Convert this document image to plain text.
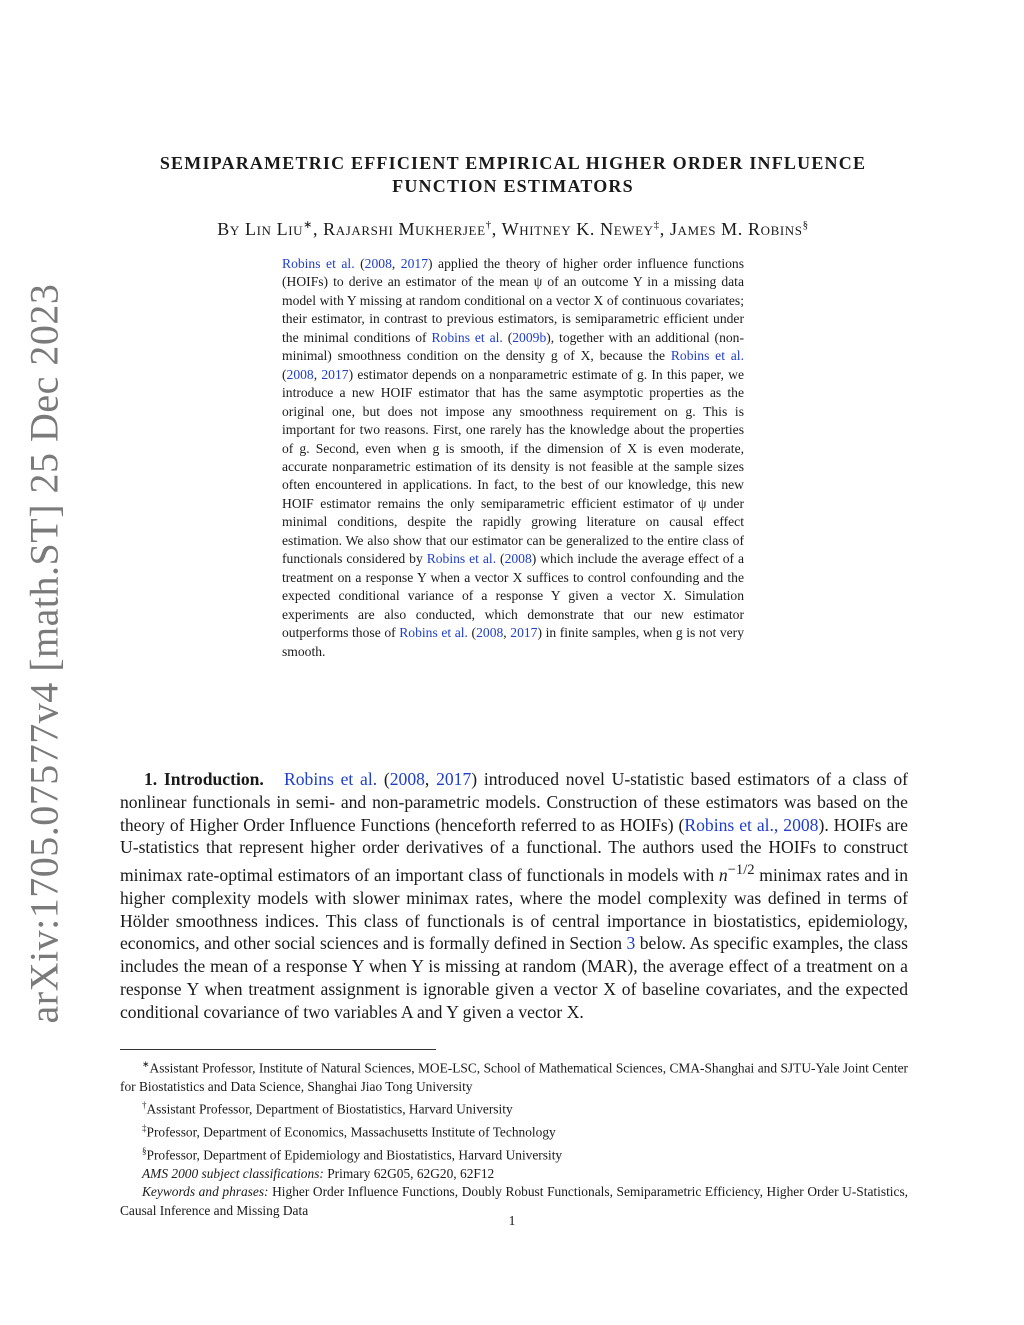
arXiv:1705.07577v4 [math.ST] 25 Dec 2023
SEMIPARAMETRIC EFFICIENT EMPIRICAL HIGHER ORDER INFLUENCE FUNCTION ESTIMATORS
By Lin Liu∗, Rajarshi Mukherjee†, Whitney K. Newey‡, James M. Robins§

Robins et al. (2008, 2017) applied the theory of higher order influence functions (HOIFs) to derive an estimator of the mean ψ of an outcome Y in a missing data model with Y missing at random conditional on a vector X of continuous covariates; their estimator, in contrast to previous estimators, is semiparametric efficient under the minimal conditions of Robins et al. (2009b), together with an additional (non-minimal) smoothness condition on the density g of X, because the Robins et al. (2008, 2017) estimator depends on a nonparametric estimate of g. In this paper, we introduce a new HOIF estimator that has the same asymptotic properties as the original one, but does not impose any smoothness requirement on g. This is important for two reasons. First, one rarely has the knowledge about the properties of g. Second, even when g is smooth, if the dimension of X is even moderate, accurate nonparametric estimation of its density is not feasible at the sample sizes often encountered in applications. In fact, to the best of our knowledge, this new HOIF estimator remains the only semiparametric efficient estimator of ψ under minimal conditions, despite the rapidly growing literature on causal effect estimation. We also show that our estimator can be generalized to the entire class of functionals considered by Robins et al. (2008) which include the average effect of a treatment on a response Y when a vector X suffices to control confounding and the expected conditional variance of a response Y given a vector X. Simulation experiments are also conducted, which demonstrate that our new estimator outperforms those of Robins et al. (2008, 2017) in finite samples, when g is not very smooth.

1. Introduction. Robins et al. (2008, 2017) introduced novel U-statistic based estimators of a class of nonlinear functionals in semi- and non-parametric models. Construction of these estimators was based on the theory of Higher Order Influence Functions (henceforth referred to as HOIFs) (Robins et al., 2008). HOIFs are U-statistics that represent higher order derivatives of a functional. The authors used the HOIFs to construct minimax rate-optimal estimators of an important class of functionals in models with $n^{-1/2}$ minimax rates and in higher complexity models with slower minimax rates, where the model complexity was defined in terms of Hölder smoothness indices. This class of functionals is of central importance in biostatistics, epidemiology, economics, and other social sciences and is formally defined in Section 3 below. As specific examples, the class includes the mean of a response Y when Y is missing at random (MAR), the average effect of a treatment on a response Y when treatment assignment is ignorable given a vector X of baseline covariates, and the expected conditional covariance of two variables A and Y given a vector X.

∗Assistant Professor, Institute of Natural Sciences, MOE-LSC, School of Mathematical Sciences, CMA-Shanghai and SJTU-Yale Joint Center for Biostatistics and Data Science, Shanghai Jiao Tong University

†Assistant Professor, Department of Biostatistics, Harvard University

‡Professor, Department of Economics, Massachusetts Institute of Technology

§Professor, Department of Epidemiology and Biostatistics, Harvard University

AMS 2000 subject classifications: Primary 62G05, 62G20, 62F12

Keywords and phrases: Higher Order Influence Functions, Doubly Robust Functionals, Semiparametric Efficiency, Higher Order U-Statistics, Causal Inference and Missing Data

1
